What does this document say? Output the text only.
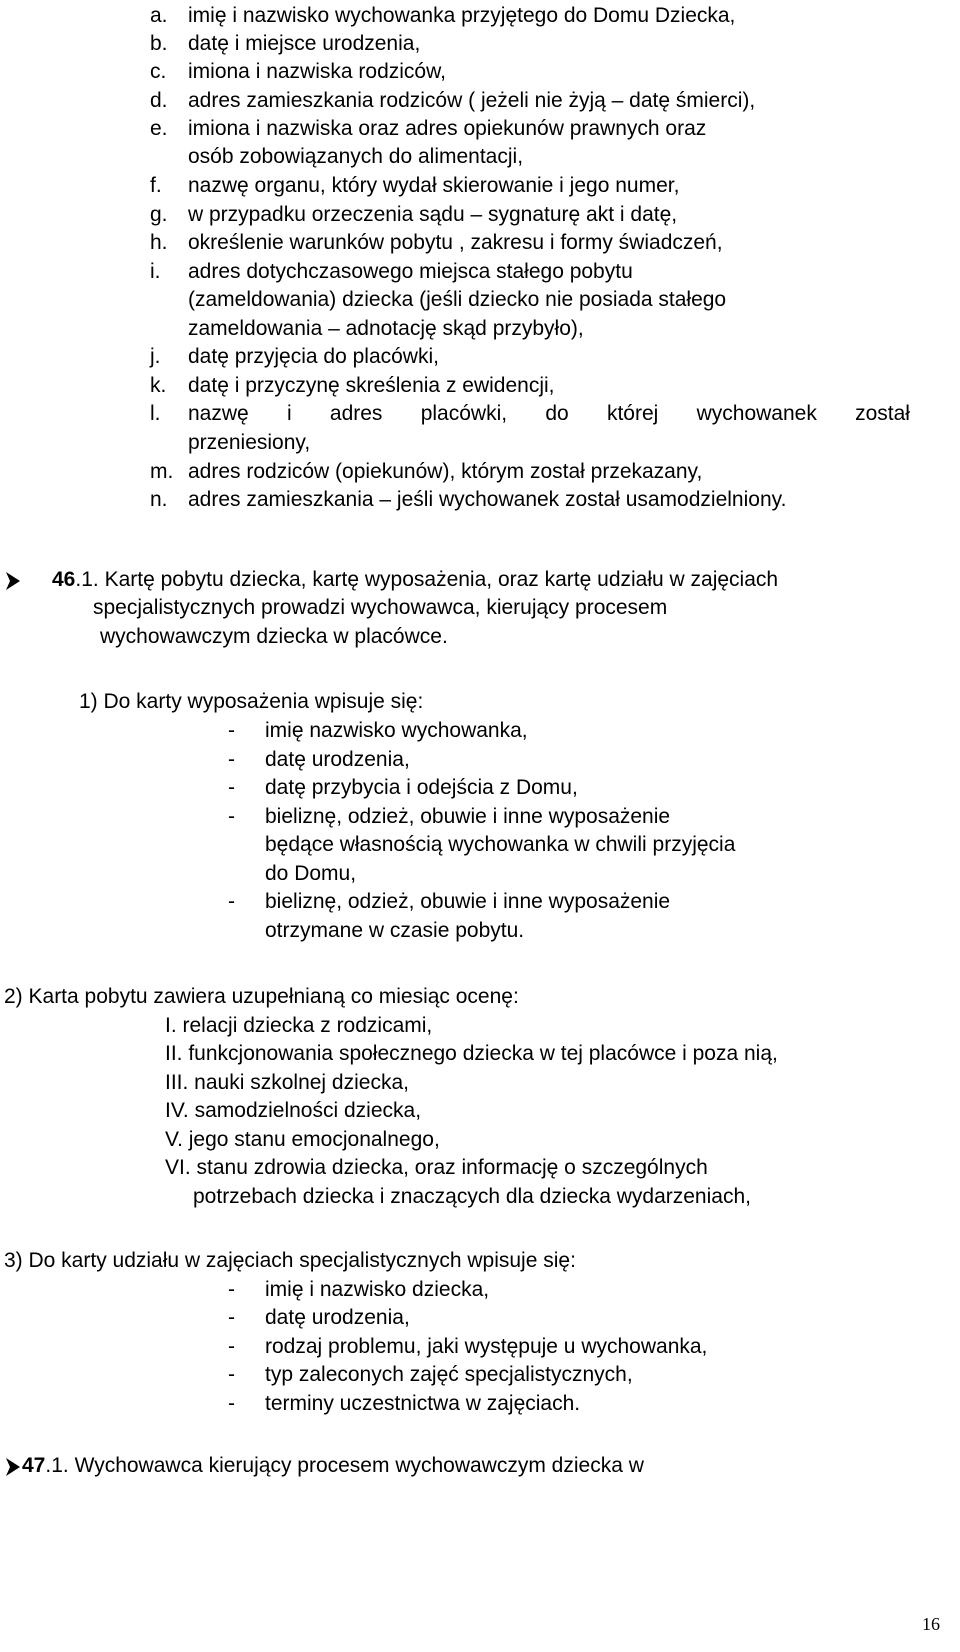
a. imię i nazwisko wychowanka przyjętego do Domu Dziecka,
b. datę i miejsce urodzenia,
c. imiona i nazwiska rodziców,
d. adres zamieszkania rodziców ( jeżeli nie żyją – datę śmierci),
e. imiona i nazwiska oraz adres opiekunów prawnych oraz
osób zobowiązanych do alimentacji,
f. nazwę organu, który wydał skierowanie i jego numer,
g. w przypadku orzeczenia sądu – sygnaturę akt i datę,
h. określenie warunków pobytu , zakresu i formy świadczeń,
i. adres dotychczasowego miejsca stałego pobytu
(zameldowania) dziecka (jeśli dziecko nie posiada stałego
zameldowania – adnotację skąd przybyło),
j. datę przyjęcia do placówki,
k. datę i przyczynę skreślenia z ewidencji,
l.	nazwę i adres placówki, do której wychowanek został
przeniesiony,
m. adres rodziców (opiekunów), którym został przekazany,
n. adres zamieszkania – jeśli wychowanek został usamodzielniony.
46.1. Kartę pobytu dziecka, kartę wyposażenia, oraz kartę udziału w zajęciach
specjalistycznych prowadzi wychowawca, kierujący procesem
wychowawczym dziecka w placówce.
1) Do karty wyposażenia wpisuje się:
- imię nazwisko wychowanka,
- datę urodzenia,
- datę przybycia i odejścia z Domu,
- bieliznę, odzież, obuwie i inne wyposażenie
będące własnością wychowanka w chwili przyjęcia
do Domu,
- bieliznę, odzież, obuwie i inne wyposażenie
otrzymane w czasie pobytu.
2) Karta pobytu zawiera uzupełnianą co miesiąc ocenę:
I. relacji dziecka z rodzicami,
II. funkcjonowania społecznego dziecka w tej placówce i poza nią,
III. nauki szkolnej dziecka,
IV. samodzielności dziecka,
V. jego stanu emocjonalnego,
VI. stanu zdrowia dziecka, oraz informację o szczególnych
potrzebach dziecka i znaczących dla dziecka wydarzeniach,
3) Do karty udziału w zajęciach specjalistycznych wpisuje się:
- imię i nazwisko dziecka,
- datę urodzenia,
- rodzaj problemu, jaki występuje u wychowanka,
- typ zaleconych zajęć specjalistycznych,
- terminy uczestnictwa w zajęciach.
47.1. Wychowawca kierujący procesem wychowawczym dziecka w
16
